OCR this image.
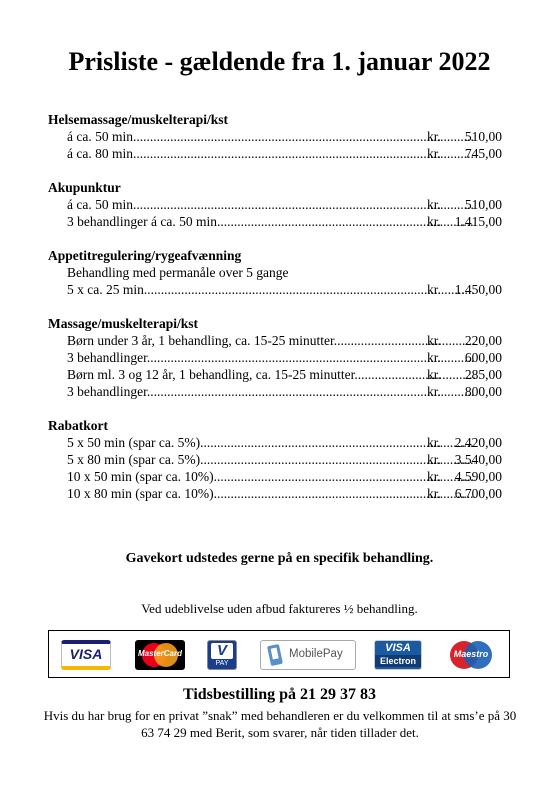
Prisliste - gældende fra 1. januar 2022
Helsemassage/muskelterapi/kst
á ca. 50 min .....	kr.	510,00
á ca. 80 min .....	kr.	745,00
Akupunktur
á ca. 50 min .....	kr.	510,00
3 behandlinger á ca. 50 min .....	kr.	1.415,00
Appetitregulering/rygeafvænning
Behandling med permanåle over 5 gange
5 x ca. 25 min .....	kr.	1.450,00
Massage/muskelterapi/kst
Børn under 3 år, 1 behandling, ca. 15-25 minutter .....	kr.	220,00
3 behandlinger .....	kr.	600,00
Børn ml. 3 og 12 år, 1 behandling, ca. 15-25 minutter .....	kr.	285,00
3 behandlinger .....	kr.	800,00
Rabatkort
5 x 50 min (spar ca. 5%) .....	kr.	2.420,00
5 x 80 min (spar ca. 5%) .....	kr.	3.540,00
10 x 50 min (spar ca. 10%) .....	kr.	4.590,00
10 x 80 min (spar ca. 10%) .....	kr.	6.700,00
Gavekort udstedes gerne på en specifik behandling.
Ved udeblivelse uden afbud faktureres ½ behandling.
VISA	MasterCard	V
PAY
MobilePay	VISA
Electron
Maestro
Tidsbestilling på 21 29 37 83
Hvis du har brug for en privat ”snak” med behandleren er du velkommen til at sms’e på 30 63 74 29 med Berit, som svarer, når tiden tillader det.
